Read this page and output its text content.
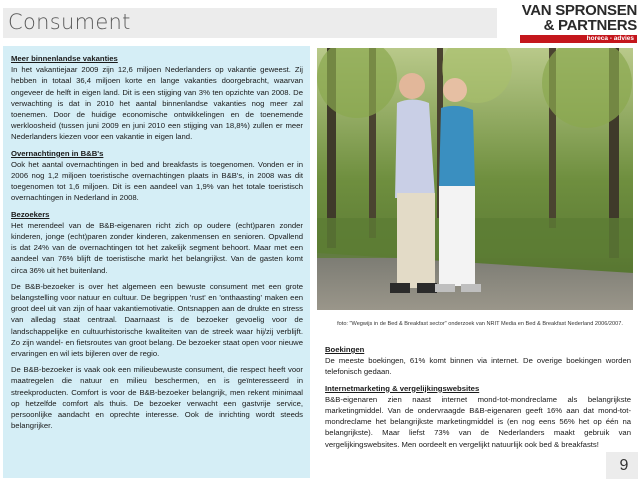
Consument	VAN SPRONSEN
& PARTNERS
horeca - advies

Meer binnenlandse vakanties

In het vakantiejaar 2009 zijn 12,6 miljoen Nederlanders op vakantie geweest. Zij hebben in totaal 36,4 miljoen korte en lange vakanties doorgebracht, waarvan ongeveer de helft in eigen land. Dit is een stijging van 3% ten opzichte van 2008. De verwachting is dat in 2010 het aantal binnenlandse vakanties nog meer zal toenemen. Door de huidige economische ontwikkelingen en de toenemende werkloosheid (tussen juni 2009 en juni 2010 een stijging van 18,8%) zullen er meer Nederlanders kiezen voor een vakantie in eigen land.

Overnachtingen in B&B's

Ook het aantal overnachtingen in bed and breakfasts is toegenomen. Vonden er in 2006 nog 1,2 miljoen toeristische overnachtingen plaats in B&B's, in 2008 was dit toegenomen tot 1,6 miljoen. Dit is een aandeel van 1,9% van het totale toeristisch overnachtingen in Nederland in 2008.

Bezoekers

Het merendeel van de B&B-eigenaren richt zich op oudere (echt)paren zonder kinderen, jonge (echt)paren zonder kinderen, zakenmensen en senioren. Opvallend is dat 24% van de overnachtingen tot het zakelijk segment behoort. Maar met een aandeel van 76% blijft de toeristische markt het belangrijkst. Van de gasten komt circa 36% uit het buitenland.

De B&B-bezoeker is over het algemeen een bewuste consument met een grote belangstelling voor natuur en cultuur. De begrippen 'rust' en 'onthaasting' maken een groot deel uit van zijn of haar vakantiemotivatie. Ontsnappen aan de drukte en stress van alledag staat centraal. Daarnaast is de bezoeker gevoelig voor de landschappelijke en cultuurhistorische kwaliteiten van de streek waar hij/zij verblijft. Zo zijn wandel- en fietsroutes van groot belang. De bezoeker staat open voor nieuwe ervaringen en wil iets bijleren over de regio.

De B&B-bezoeker is vaak ook een milieubewuste consument, die respect heeft voor maatregelen die natuur en milieu beschermen, en is geïnteresseerd in streekproducten. Comfort is voor de B&B-bezoeker belangrijk, men rekent minimaal op hetzelfde comfort als thuis. De bezoeker verwacht een gastvrije service, persoonlijke aandacht en oprechte interesse. Ook de inrichting wordt steeds belangrijker.

foto: "Wegwijs in de Bed & Breakfast sector" onderzoek van NRIT Media en Bed & Breakfast Nederland 2006/2007.

Boekingen

De meeste boekingen, 61% komt binnen via internet. De overige boekingen worden telefonisch gedaan.

Internetmarketing & vergelijkingswebsites

B&B-eigenaren zien naast internet mond-tot-mondreclame als belangrijkste marketingmiddel. Van de ondervraagde B&B-eigenaren geeft 16% aan dat mond-tot-mondreclame het belangrijkste marketingmiddel is (en nog eens 56% het op één na belangrijkste). Maar liefst 73% van de Nederlanders maakt gebruik van vergelijkingswebsites. Men oordeelt en vergelijkt natuurlijk ook bed & breakfasts!

9
